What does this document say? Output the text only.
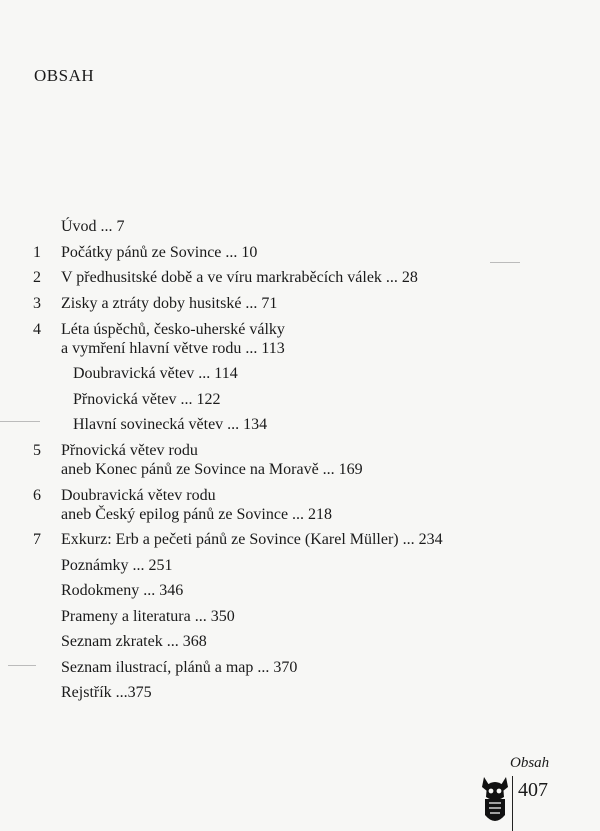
OBSAH
Úvod ... 7
1 Počátky pánů ze Sovince ... 10
2 V předhusitské době a ve víru markraběcích válek ... 28
3 Zisky a ztráty doby husitské ... 71
4 Léta úspěchů, česko-uherské války
a vymření hlavní větve rodu ... 113
Doubravická větev ... 114
Přnovická větev ... 122
Hlavní sovinecká větev ... 134
5 Přnovická větev rodu
aneb Konec pánů ze Sovince na Moravě ... 169
6 Doubravická větev rodu
aneb Český epilog pánů ze Sovince ... 218
7 Exkurz: Erb a pečeti pánů ze Sovince (Karel Müller) ... 234
Poznámky ... 251
Rodokmeny ... 346
Prameny a literatura ... 350
Seznam zkratek ... 368
Seznam ilustrací, plánů a map ... 370
Rejstřík ...375
Obsah
407
